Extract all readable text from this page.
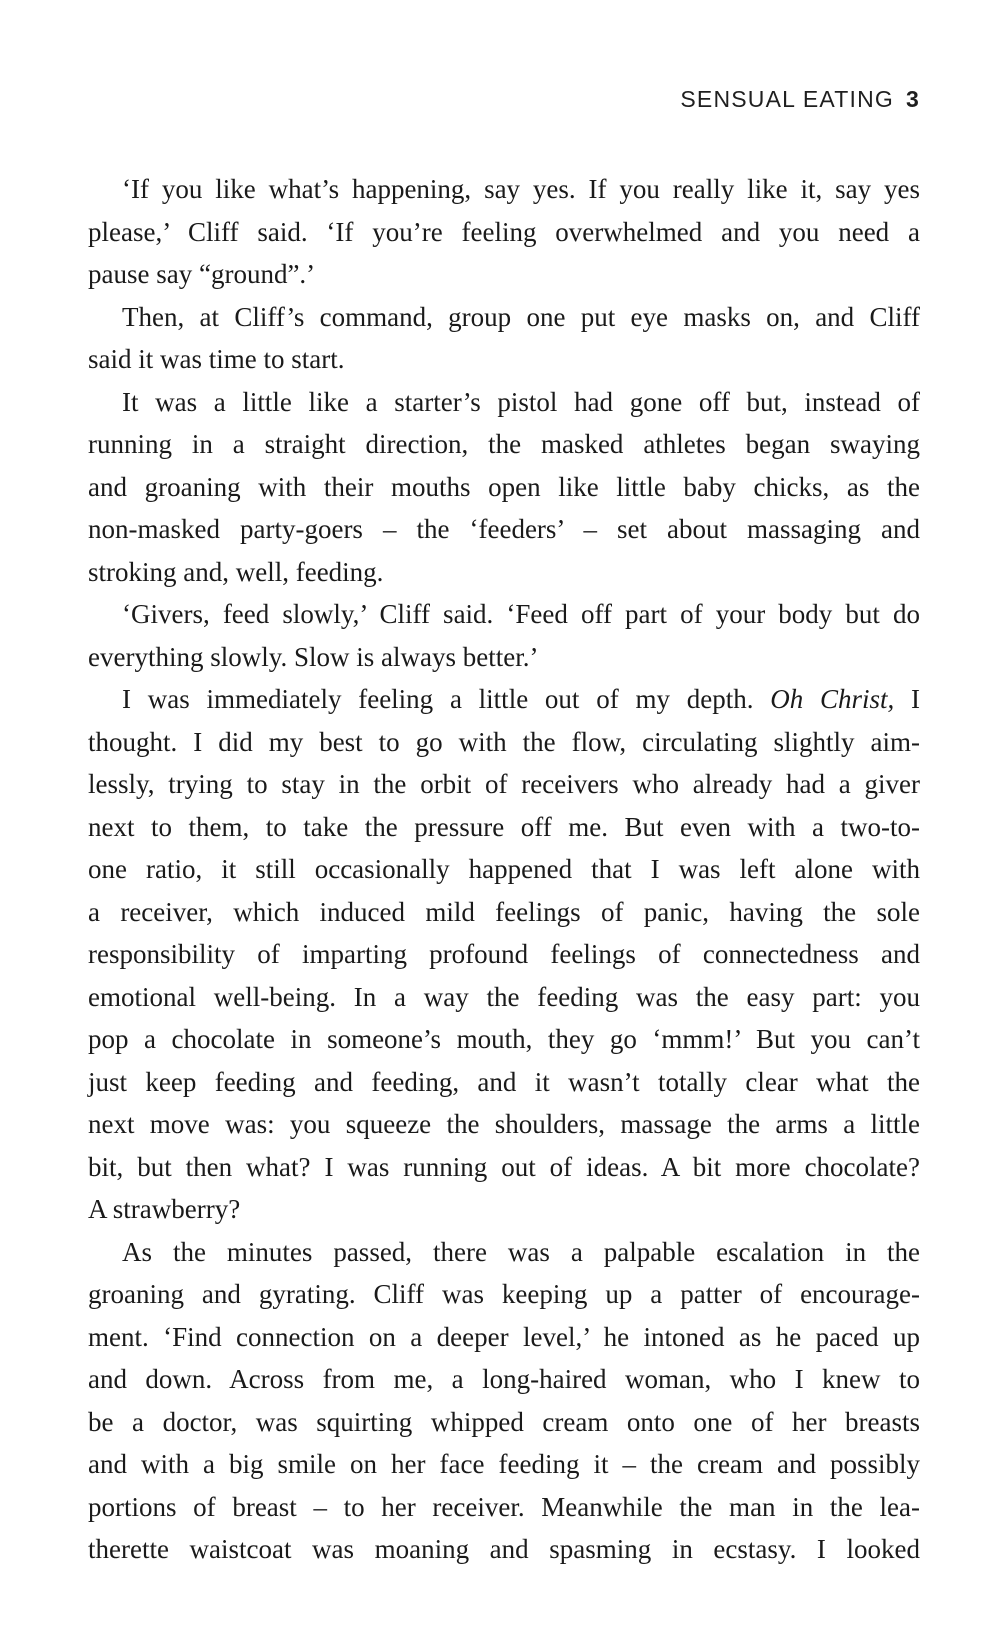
SENSUAL EATING 3
‘If you like what’s happening, say yes. If you really like it, say yes
please,’ Cliff said. ‘If you’re feeling overwhelmed and you need a
pause say “ground”.’
Then, at Cliff’s command, group one put eye masks on, and Cliff
said it was time to start.
It was a little like a starter’s pistol had gone off but, instead of
running in a straight direction, the masked athletes began swaying
and groaning with their mouths open like little baby chicks, as the
non-masked party-goers – the ‘feeders’ – set about massaging and
stroking and, well, feeding.
‘Givers, feed slowly,’ Cliff said. ‘Feed off part of your body but do
everything slowly. Slow is always better.’
I was immediately feeling a little out of my depth. Oh Christ, I
thought. I did my best to go with the flow, circulating slightly aim-
lessly, trying to stay in the orbit of receivers who already had a giver
next to them, to take the pressure off me. But even with a two-to-
one ratio, it still occasionally happened that I was left alone with
a receiver, which induced mild feelings of panic, having the sole
responsibility of imparting profound feelings of connectedness and
emotional well-being. In a way the feeding was the easy part: you
pop a chocolate in someone’s mouth, they go ‘mmm!’ But you can’t
just keep feeding and feeding, and it wasn’t totally clear what the
next move was: you squeeze the shoulders, massage the arms a little
bit, but then what? I was running out of ideas. A bit more chocolate?
A strawberry?
As the minutes passed, there was a palpable escalation in the
groaning and gyrating. Cliff was keeping up a patter of encourage-
ment. ‘Find connection on a deeper level,’ he intoned as he paced up
and down. Across from me, a long-haired woman, who I knew to
be a doctor, was squirting whipped cream onto one of her breasts
and with a big smile on her face feeding it – the cream and possibly
portions of breast – to her receiver. Meanwhile the man in the lea-
therette waistcoat was moaning and spasming in ecstasy. I looked
